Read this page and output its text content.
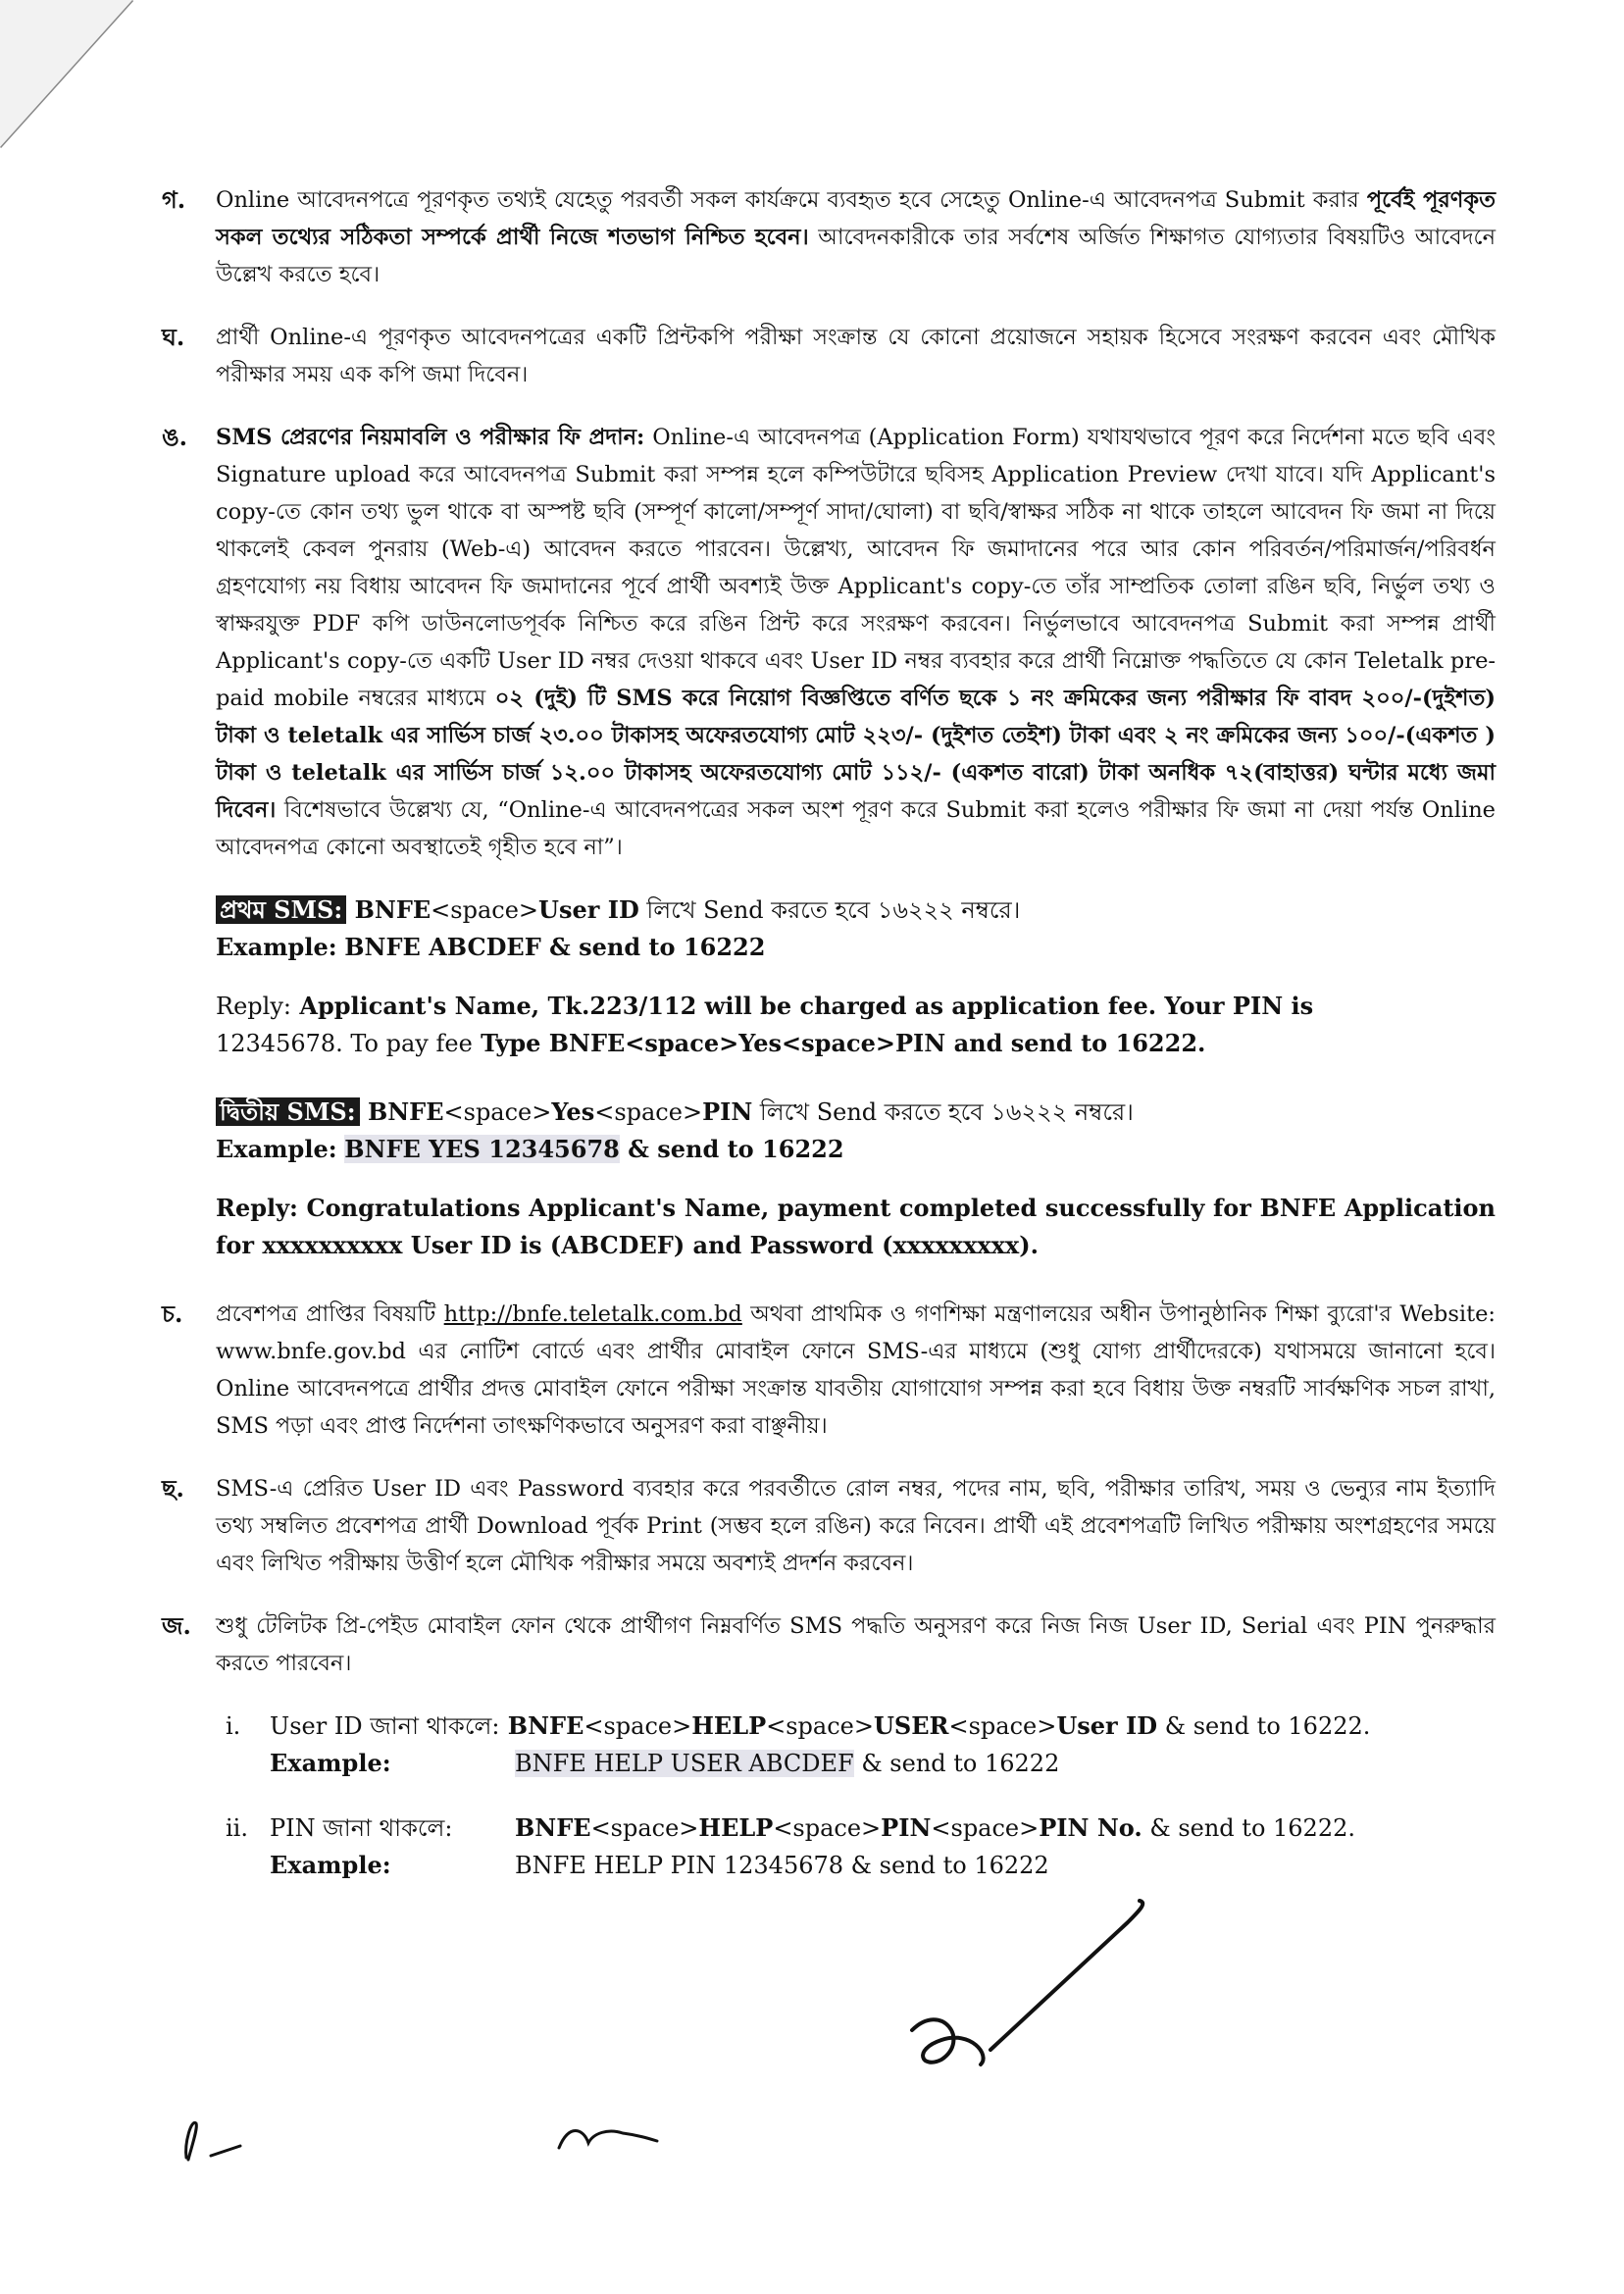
গ. Online আবেদনপত্রে পূরণকৃত তথ্যই যেহেতু পরবর্তী সকল কার্যক্রমে ব্যবহৃত হবে সেহেতু Online-এ আবেদনপত্র Submit করার পূর্বেই পূরণকৃত সকল তথ্যের সঠিকতা সম্পর্কে প্রার্থী নিজে শতভাগ নিশ্চিত হবেন। আবেদনকারীকে তার সর্বশেষ অর্জিত শিক্ষাগত যোগ্যতার বিষয়টিও আবেদনে উল্লেখ করতে হবে।
ঘ. প্রার্থী Online-এ পূরণকৃত আবেদনপত্রের একটি প্রিন্টকপি পরীক্ষা সংক্রান্ত যে কোনো প্রয়োজনে সহায়ক হিসেবে সংরক্ষণ করবেন এবং মৌখিক পরীক্ষার সময় এক কপি জমা দিবেন।
ঙ. SMS প্রেরণের নিয়মাবলি ও পরীক্ষার ফি প্রদান: Online-এ আবেদনপত্র (Application Form) যথাযথভাবে পূরণ করে নির্দেশনা মতে ছবি এবং Signature upload করে আবেদনপত্র Submit করা সম্পন্ন হলে কম্পিউটারে ছবিসহ Application Preview দেখা যাবে। যদি Applicant's copy-তে কোন তথ্য ভুল থাকে বা অস্পষ্ট ছবি (সম্পূর্ণ কালো/সম্পূর্ণ সাদা/ঘোলা) বা ছবি/স্বাক্ষর সঠিক না থাকে তাহলে আবেদন ফি জমা না দিয়ে থাকলেই কেবল পুনরায় (Web-এ) আবেদন করতে পারবেন। উল্লেখ্য, আবেদন ফি জমাদানের পরে আর কোন পরিবর্তন/পরিমার্জন/পরিবর্ধন গ্রহণযোগ্য নয় বিধায় আবেদন ফি জমাদানের পূর্বে প্রার্থী অবশ্যই উক্ত Applicant's copy-তে তাঁর সাম্প্রতিক তোলা রঙিন ছবি, নির্ভুল তথ্য ও স্বাক্ষরযুক্ত PDF কপি ডাউনলোডপূর্বক নিশ্চিত করে রঙিন প্রিন্ট করে সংরক্ষণ করবেন। নির্ভুলভাবে আবেদনপত্র Submit করা সম্পন্ন প্রার্থী Applicant's copy-তে একটি User ID নম্বর দেওয়া থাকবে এবং User ID নম্বর ব্যবহার করে প্রার্থী নিম্নোক্ত পদ্ধতিতে যে কোন Teletalk pre-paid mobile নম্বরের মাধ্যমে ০২ (দুই) টি SMS করে নিয়োগ বিজ্ঞপ্তিতে বর্ণিত ছকে ১ নং ক্রমিকের জন্য পরীক্ষার ফি বাবদ ২০০/-(দুইশত) টাকা ও teletalk এর সার্ভিস চার্জ ২৩.০০ টাকাসহ অফেরতযোগ্য মোট ২২৩/- (দুইশত তেইশ) টাকা এবং ২ নং ক্রমিকের জন্য ১০০/-(একশত ) টাকা ও teletalk এর সার্ভিস চার্জ ১২.০০ টাকাসহ অফেরতযোগ্য মোট ১১২/- (একশত বারো) টাকা অনধিক ৭২(বাহাত্তর) ঘন্টার মধ্যে জমা দিবেন। বিশেষভাবে উল্লেখ্য যে, “Online-এ আবেদনপত্রের সকল অংশ পূরণ করে Submit করা হলেও পরীক্ষার ফি জমা না দেয়া পর্যন্ত Online আবেদনপত্র কোনো অবস্থাতেই গৃহীত হবে না”।
প্রথম SMS: BNFE<space>User ID লিখে Send করতে হবে ১৬২২২ নম্বরে।
Example: BNFE ABCDEF & send to 16222
Reply: Applicant's Name, Tk.223/112 will be charged as application fee. Your PIN is
12345678. To pay fee Type BNFE<space>Yes<space>PIN and send to 16222.
দ্বিতীয় SMS: BNFE<space>Yes<space>PIN লিখে Send করতে হবে ১৬২২২ নম্বরে।
Example: BNFE YES 12345678 & send to 16222
Reply: Congratulations Applicant's Name, payment completed successfully for BNFE Application for xxxxxxxxxx User ID is (ABCDEF) and Password (xxxxxxxxx).
চ. প্রবেশপত্র প্রাপ্তির বিষয়টি http://bnfe.teletalk.com.bd অথবা প্রাথমিক ও গণশিক্ষা মন্ত্রণালয়ের অধীন উপানুষ্ঠানিক শিক্ষা ব্যুরো'র Website: www.bnfe.gov.bd এর নোটিশ বোর্ডে এবং প্রার্থীর মোবাইল ফোনে SMS-এর মাধ্যমে (শুধু যোগ্য প্রার্থীদেরকে) যথাসময়ে জানানো হবে। Online আবেদনপত্রে প্রার্থীর প্রদত্ত মোবাইল ফোনে পরীক্ষা সংক্রান্ত যাবতীয় যোগাযোগ সম্পন্ন করা হবে বিধায় উক্ত নম্বরটি সার্বক্ষণিক সচল রাখা, SMS পড়া এবং প্রাপ্ত নির্দেশনা তাৎক্ষণিকভাবে অনুসরণ করা বাঞ্ছনীয়।
ছ. SMS-এ প্রেরিত User ID এবং Password ব্যবহার করে পরবর্তীতে রোল নম্বর, পদের নাম, ছবি, পরীক্ষার তারিখ, সময় ও ভেন্যুর নাম ইত্যাদি তথ্য সম্বলিত প্রবেশপত্র প্রার্থী Download পূর্বক Print (সম্ভব হলে রঙিন) করে নিবেন। প্রার্থী এই প্রবেশপত্রটি লিখিত পরীক্ষায় অংশগ্রহণের সময়ে এবং লিখিত পরীক্ষায় উত্তীর্ণ হলে মৌখিক পরীক্ষার সময়ে অবশ্যই প্রদর্শন করবেন।
জ. শুধু টেলিটক প্রি-পেইড মোবাইল ফোন থেকে প্রার্থীগণ নিম্নবর্ণিত SMS পদ্ধতি অনুসরণ করে নিজ নিজ User ID, Serial এবং PIN পুনরুদ্ধার করতে পারবেন।
i. User ID জানা থাকলে: BNFE<space>HELP<space>USER<space>User ID & send to 16222.
Example:	BNFE HELP USER ABCDEF & send to 16222
ii. PIN জানা থাকলে:	BNFE<space>HELP<space>PIN<space>PIN No. & send to 16222.
Example:	BNFE HELP PIN 12345678 & send to 16222
